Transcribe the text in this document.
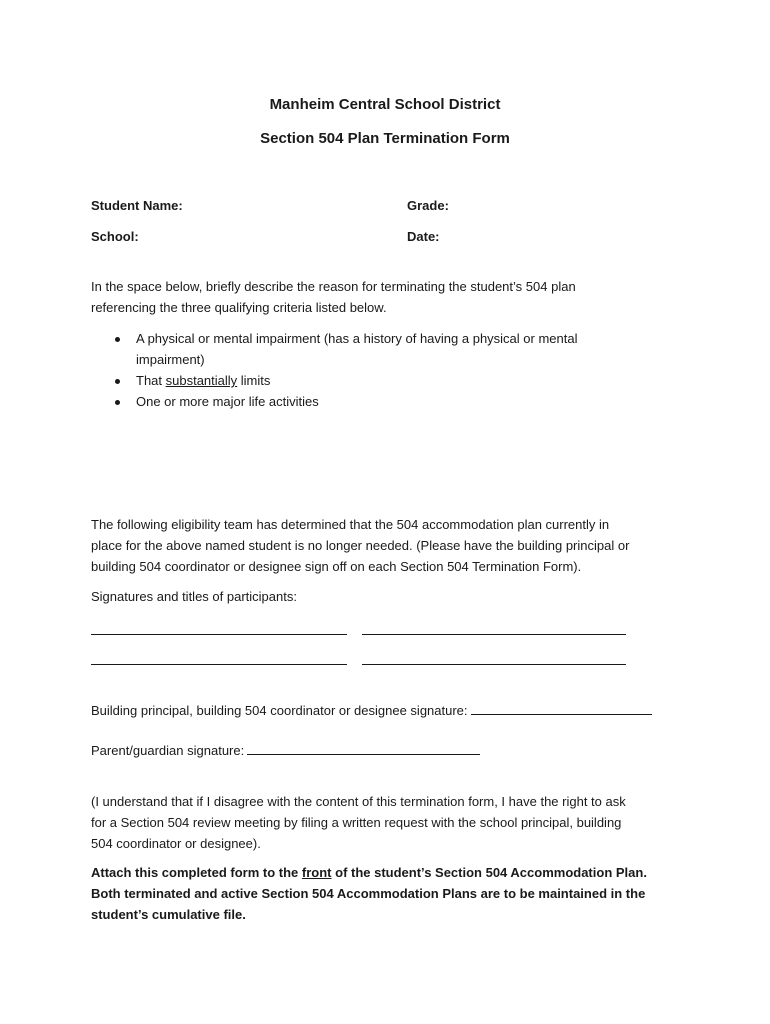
Manheim Central School District
Section 504 Plan Termination Form
Student Name:	Grade:
School:	Date:
In the space below, briefly describe the reason for terminating the student’s 504 plan
referencing the three qualifying criteria listed below.
A physical or mental impairment (has a history of having a physical or mental
impairment)
That substantially limits
One or more major life activities
The following eligibility team has determined that the 504 accommodation plan currently in
place for the above named student is no longer needed. (Please have the building principal or
building 504 coordinator or designee sign off on each Section 504 Termination Form).
Signatures and titles of participants:
Building principal, building 504 coordinator or designee signature:
Parent/guardian signature:
(I understand that if I disagree with the content of this termination form, I have the right to ask
for a Section 504 review meeting by filing a written request with the school principal, building
504 coordinator or designee).
Attach this completed form to the front of the student’s Section 504 Accommodation Plan.
Both terminated and active Section 504 Accommodation Plans are to be maintained in the
student’s cumulative file.
